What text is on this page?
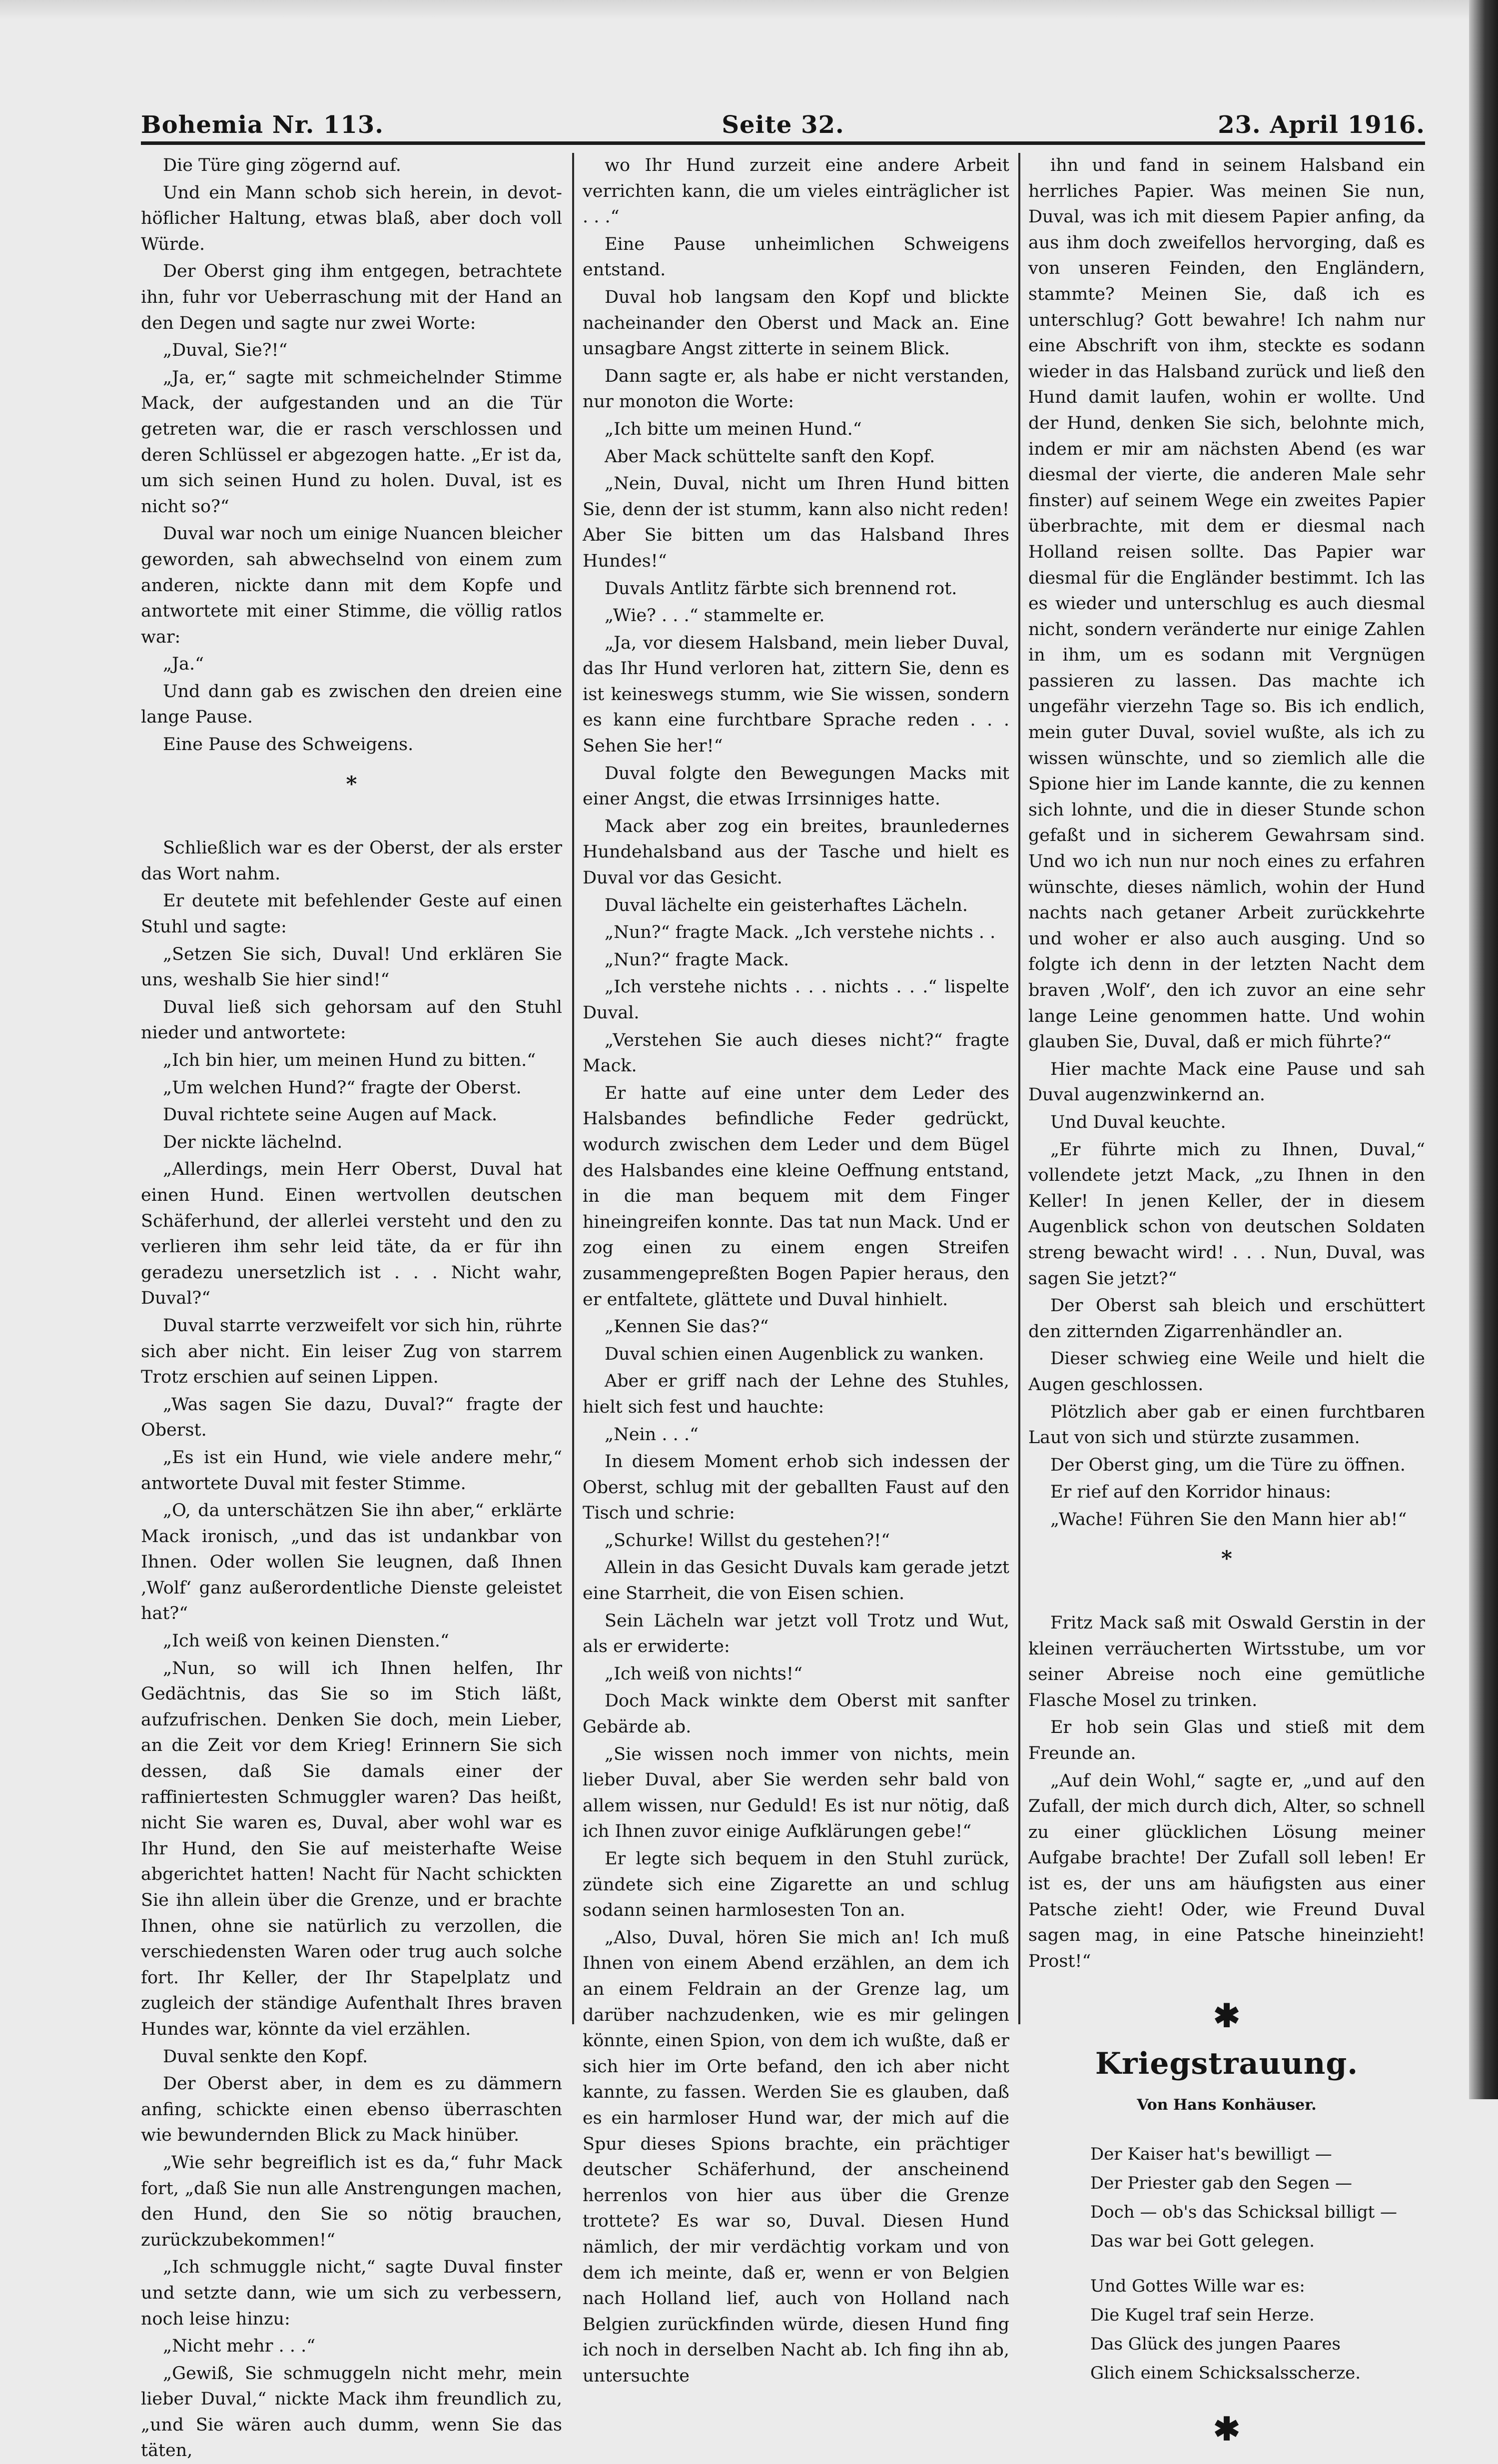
Bohemia Nr. 113.	Seite 32.	23. April 1916.

Die Türe ging zögernd auf.

Und ein Mann schob sich herein, in devot-höflicher Haltung, etwas blaß, aber doch voll Würde.

Der Oberst ging ihm entgegen, betrachtete ihn, fuhr vor Ueberraschung mit der Hand an den Degen und sagte nur zwei Worte:

„Duval, Sie?!“

„Ja, er,“ sagte mit schmeichelnder Stimme Mack, der aufgestanden und an die Tür getreten war, die er rasch verschlossen und deren Schlüssel er abgezogen hatte. „Er ist da, um sich seinen Hund zu holen. Duval, ist es nicht so?“

Duval war noch um einige Nuancen bleicher geworden, sah abwechselnd von einem zum anderen, nickte dann mit dem Kopfe und antwortete mit einer Stimme, die völlig ratlos war:

„Ja.“

Und dann gab es zwischen den dreien eine lange Pause.

Eine Pause des Schweigens.

*

Schließlich war es der Oberst, der als erster das Wort nahm.

Er deutete mit befehlender Geste auf einen Stuhl und sagte:

„Setzen Sie sich, Duval! Und erklären Sie uns, weshalb Sie hier sind!“

Duval ließ sich gehorsam auf den Stuhl nieder und antwortete:

„Ich bin hier, um meinen Hund zu bitten.“

„Um welchen Hund?“ fragte der Oberst.

Duval richtete seine Augen auf Mack.

Der nickte lächelnd.

„Allerdings, mein Herr Oberst, Duval hat einen Hund. Einen wertvollen deutschen Schäferhund, der allerlei versteht und den zu verlieren ihm sehr leid täte, da er für ihn geradezu unersetzlich ist . . . Nicht wahr, Duval?“

Duval starrte verzweifelt vor sich hin, rührte sich aber nicht. Ein leiser Zug von starrem Trotz erschien auf seinen Lippen.

„Was sagen Sie dazu, Duval?“ fragte der Oberst.

„Es ist ein Hund, wie viele andere mehr,“ antwortete Duval mit fester Stimme.

„O, da unterschätzen Sie ihn aber,“ erklärte Mack ironisch, „und das ist undankbar von Ihnen. Oder wollen Sie leugnen, daß Ihnen ‚Wolf‘ ganz außerordentliche Dienste geleistet hat?“

„Ich weiß von keinen Diensten.“

„Nun, so will ich Ihnen helfen, Ihr Gedächtnis, das Sie so im Stich läßt, aufzufrischen. Denken Sie doch, mein Lieber, an die Zeit vor dem Krieg! Erinnern Sie sich dessen, daß Sie damals einer der raffiniertesten Schmuggler waren? Das heißt, nicht Sie waren es, Duval, aber wohl war es Ihr Hund, den Sie auf meisterhafte Weise abgerichtet hatten! Nacht für Nacht schickten Sie ihn allein über die Grenze, und er brachte Ihnen, ohne sie natürlich zu verzollen, die verschiedensten Waren oder trug auch solche fort. Ihr Keller, der Ihr Stapelplatz und zugleich der ständige Aufenthalt Ihres braven Hundes war, könnte da viel erzählen.

Duval senkte den Kopf.

Der Oberst aber, in dem es zu dämmern anfing, schickte einen ebenso überraschten wie bewundernden Blick zu Mack hinüber.

„Wie sehr begreiflich ist es da,“ fuhr Mack fort, „daß Sie nun alle Anstrengungen machen, den Hund, den Sie so nötig brauchen, zurückzubekommen!“

„Ich schmuggle nicht,“ sagte Duval finster und setzte dann, wie um sich zu verbessern, noch leise hinzu:

„Nicht mehr . . .“

„Gewiß, Sie schmuggeln nicht mehr, mein lieber Duval,“ nickte Mack ihm freundlich zu, „und Sie wären auch dumm, wenn Sie das täten,

wo Ihr Hund zurzeit eine andere Arbeit verrichten kann, die um vieles einträglicher ist . . .“

Eine Pause unheimlichen Schweigens entstand.

Duval hob langsam den Kopf und blickte nacheinander den Oberst und Mack an. Eine unsagbare Angst zitterte in seinem Blick.

Dann sagte er, als habe er nicht verstanden, nur monoton die Worte:

„Ich bitte um meinen Hund.“

Aber Mack schüttelte sanft den Kopf.

„Nein, Duval, nicht um Ihren Hund bitten Sie, denn der ist stumm, kann also nicht reden! Aber Sie bitten um das Halsband Ihres Hundes!“

Duvals Antlitz färbte sich brennend rot.

„Wie? . . .“ stammelte er.

„Ja, vor diesem Halsband, mein lieber Duval, das Ihr Hund verloren hat, zittern Sie, denn es ist keineswegs stumm, wie Sie wissen, sondern es kann eine furchtbare Sprache reden . . . Sehen Sie her!“

Duval folgte den Bewegungen Macks mit einer Angst, die etwas Irrsinniges hatte.

Mack aber zog ein breites, braunledernes Hundehalsband aus der Tasche und hielt es Duval vor das Gesicht.

Duval lächelte ein geisterhaftes Lächeln.

„Nun?“ fragte Mack. „Ich verstehe nichts . .

„Nun?“ fragte Mack.

„Ich verstehe nichts . . . nichts . . .“ lispelte Duval.

„Verstehen Sie auch dieses nicht?“ fragte Mack.

Er hatte auf eine unter dem Leder des Halsbandes befindliche Feder gedrückt, wodurch zwischen dem Leder und dem Bügel des Halsbandes eine kleine Oeffnung entstand, in die man bequem mit dem Finger hineingreifen konnte. Das tat nun Mack. Und er zog einen zu einem engen Streifen zusammengepreßten Bogen Papier heraus, den er entfaltete, glättete und Duval hinhielt.

„Kennen Sie das?“

Duval schien einen Augenblick zu wanken.

Aber er griff nach der Lehne des Stuhles, hielt sich fest und hauchte:

„Nein . . .“

In diesem Moment erhob sich indessen der Oberst, schlug mit der geballten Faust auf den Tisch und schrie:

„Schurke! Willst du gestehen?!“

Allein in das Gesicht Duvals kam gerade jetzt eine Starrheit, die von Eisen schien.

Sein Lächeln war jetzt voll Trotz und Wut, als er erwiderte:

„Ich weiß von nichts!“

Doch Mack winkte dem Oberst mit sanfter Gebärde ab.

„Sie wissen noch immer von nichts, mein lieber Duval, aber Sie werden sehr bald von allem wissen, nur Geduld! Es ist nur nötig, daß ich Ihnen zuvor einige Aufklärungen gebe!“

Er legte sich bequem in den Stuhl zurück, zündete sich eine Zigarette an und schlug sodann seinen harmlosesten Ton an.

„Also, Duval, hören Sie mich an! Ich muß Ihnen von einem Abend erzählen, an dem ich an einem Feldrain an der Grenze lag, um darüber nachzudenken, wie es mir gelingen könnte, einen Spion, von dem ich wußte, daß er sich hier im Orte befand, den ich aber nicht kannte, zu fassen. Werden Sie es glauben, daß es ein harmloser Hund war, der mich auf die Spur dieses Spions brachte, ein prächtiger deutscher Schäferhund, der anscheinend herrenlos von hier aus über die Grenze trottete? Es war so, Duval. Diesen Hund nämlich, der mir verdächtig vorkam und von dem ich meinte, daß er, wenn er von Belgien nach Holland lief, auch von Holland nach Belgien zurückfinden würde, diesen Hund fing ich noch in derselben Nacht ab. Ich fing ihn ab, untersuchte

ihn und fand in seinem Halsband ein herrliches Papier. Was meinen Sie nun, Duval, was ich mit diesem Papier anfing, da aus ihm doch zweifellos hervorging, daß es von unseren Feinden, den Engländern, stammte? Meinen Sie, daß ich es unterschlug? Gott bewahre! Ich nahm nur eine Abschrift von ihm, steckte es sodann wieder in das Halsband zurück und ließ den Hund damit laufen, wohin er wollte. Und der Hund, denken Sie sich, belohnte mich, indem er mir am nächsten Abend (es war diesmal der vierte, die anderen Male sehr finster) auf seinem Wege ein zweites Papier überbrachte, mit dem er diesmal nach Holland reisen sollte. Das Papier war diesmal für die Engländer bestimmt. Ich las es wieder und unterschlug es auch diesmal nicht, sondern veränderte nur einige Zahlen in ihm, um es sodann mit Vergnügen passieren zu lassen. Das machte ich ungefähr vierzehn Tage so. Bis ich endlich, mein guter Duval, soviel wußte, als ich zu wissen wünschte, und so ziemlich alle die Spione hier im Lande kannte, die zu kennen sich lohnte, und die in dieser Stunde schon gefaßt und in sicherem Gewahrsam sind. Und wo ich nun nur noch eines zu erfahren wünschte, dieses nämlich, wohin der Hund nachts nach getaner Arbeit zurückkehrte und woher er also auch ausging. Und so folgte ich denn in der letzten Nacht dem braven ‚Wolf‘, den ich zuvor an eine sehr lange Leine genommen hatte. Und wohin glauben Sie, Duval, daß er mich führte?“

Hier machte Mack eine Pause und sah Duval augenzwinkernd an.

Und Duval keuchte.

„Er führte mich zu Ihnen, Duval,“ vollendete jetzt Mack, „zu Ihnen in den Keller! In jenen Keller, der in diesem Augenblick schon von deutschen Soldaten streng bewacht wird! . . . Nun, Duval, was sagen Sie jetzt?“

Der Oberst sah bleich und erschüttert den zitternden Zigarrenhändler an.

Dieser schwieg eine Weile und hielt die Augen geschlossen.

Plötzlich aber gab er einen furchtbaren Laut von sich und stürzte zusammen.

Der Oberst ging, um die Türe zu öffnen.

Er rief auf den Korridor hinaus:

„Wache! Führen Sie den Mann hier ab!“

*

Fritz Mack saß mit Oswald Gerstin in der kleinen verräucherten Wirtsstube, um vor seiner Abreise noch eine gemütliche Flasche Mosel zu trinken.

Er hob sein Glas und stieß mit dem Freunde an.

„Auf dein Wohl,“ sagte er, „und auf den Zufall, der mich durch dich, Alter, so schnell zu einer glücklichen Lösung meiner Aufgabe brachte! Der Zufall soll leben! Er ist es, der uns am häufigsten aus einer Patsche zieht! Oder, wie Freund Duval sagen mag, in eine Patsche hineinzieht! Prost!“

✱
Kriegstrauung.
Von Hans Konhäuser.

Der Kaiser hat's bewilligt —

Der Priester gab den Segen —

Doch — ob's das Schicksal billigt —

Das war bei Gott gelegen.

Und Gottes Wille war es:

Die Kugel traf sein Herze.

Das Glück des jungen Paares

Glich einem Schicksalsscherze.

✱
